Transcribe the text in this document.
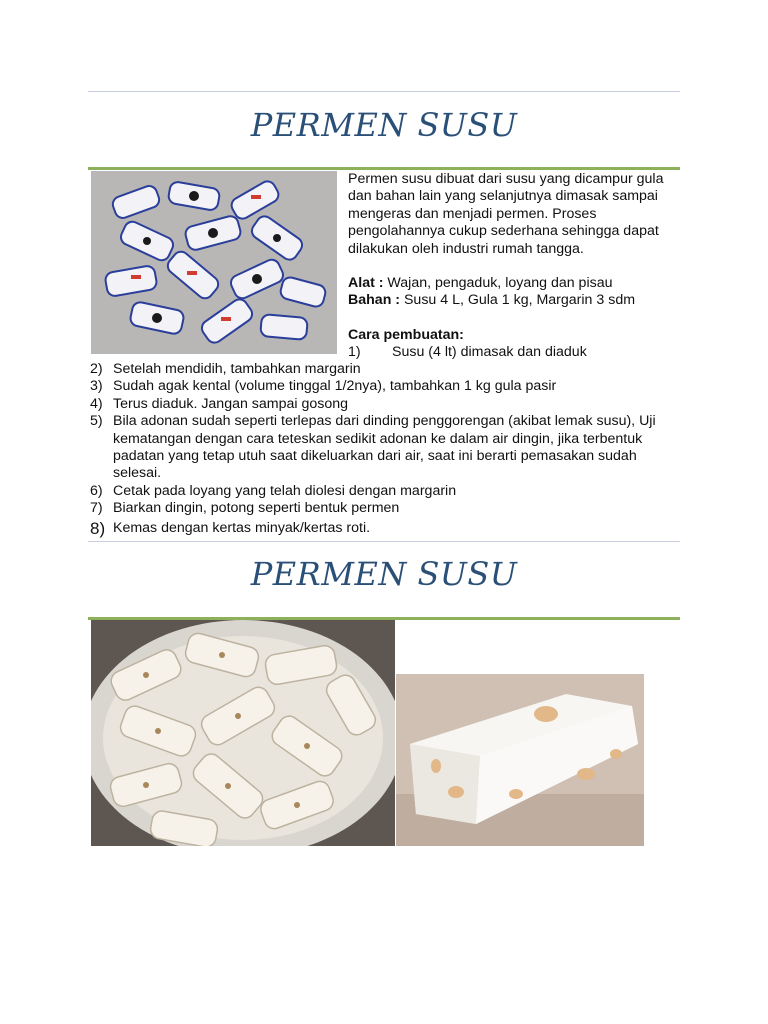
PERMEN SUSU

Permen susu dibuat dari susu yang dicampur gula dan bahan lain yang selanjutnya dimasak sampai mengeras dan menjadi permen. Proses pengolahannya cukup sederhana sehingga dapat dilakukan oleh industri rumah tangga.

Alat : Wajan, pengaduk, loyang dan pisau

Bahan : Susu 4 L, Gula 1 kg, Margarin 3 sdm

Cara pembuatan:

1)	Susu (4 lt) dimasak dan diaduk
2) Setelah mendidih, tambahkan margarin
3) Sudah agak kental (volume tinggal 1/2nya), tambahkan 1 kg gula pasir
4) Terus diaduk. Jangan sampai gosong
5) Bila adonan sudah seperti terlepas dari dinding penggorengan (akibat lemak susu), Uji kematangan dengan cara teteskan sedikit adonan ke dalam air dingin, jika terbentuk padatan yang tetap utuh saat dikeluarkan dari air, saat ini berarti pemasakan sudah selesai.
6) Cetak pada loyang yang telah diolesi dengan margarin
7) Biarkan dingin, potong seperti bentuk permen
8) Kemas dengan kertas minyak/kertas roti.
PERMEN SUSU
